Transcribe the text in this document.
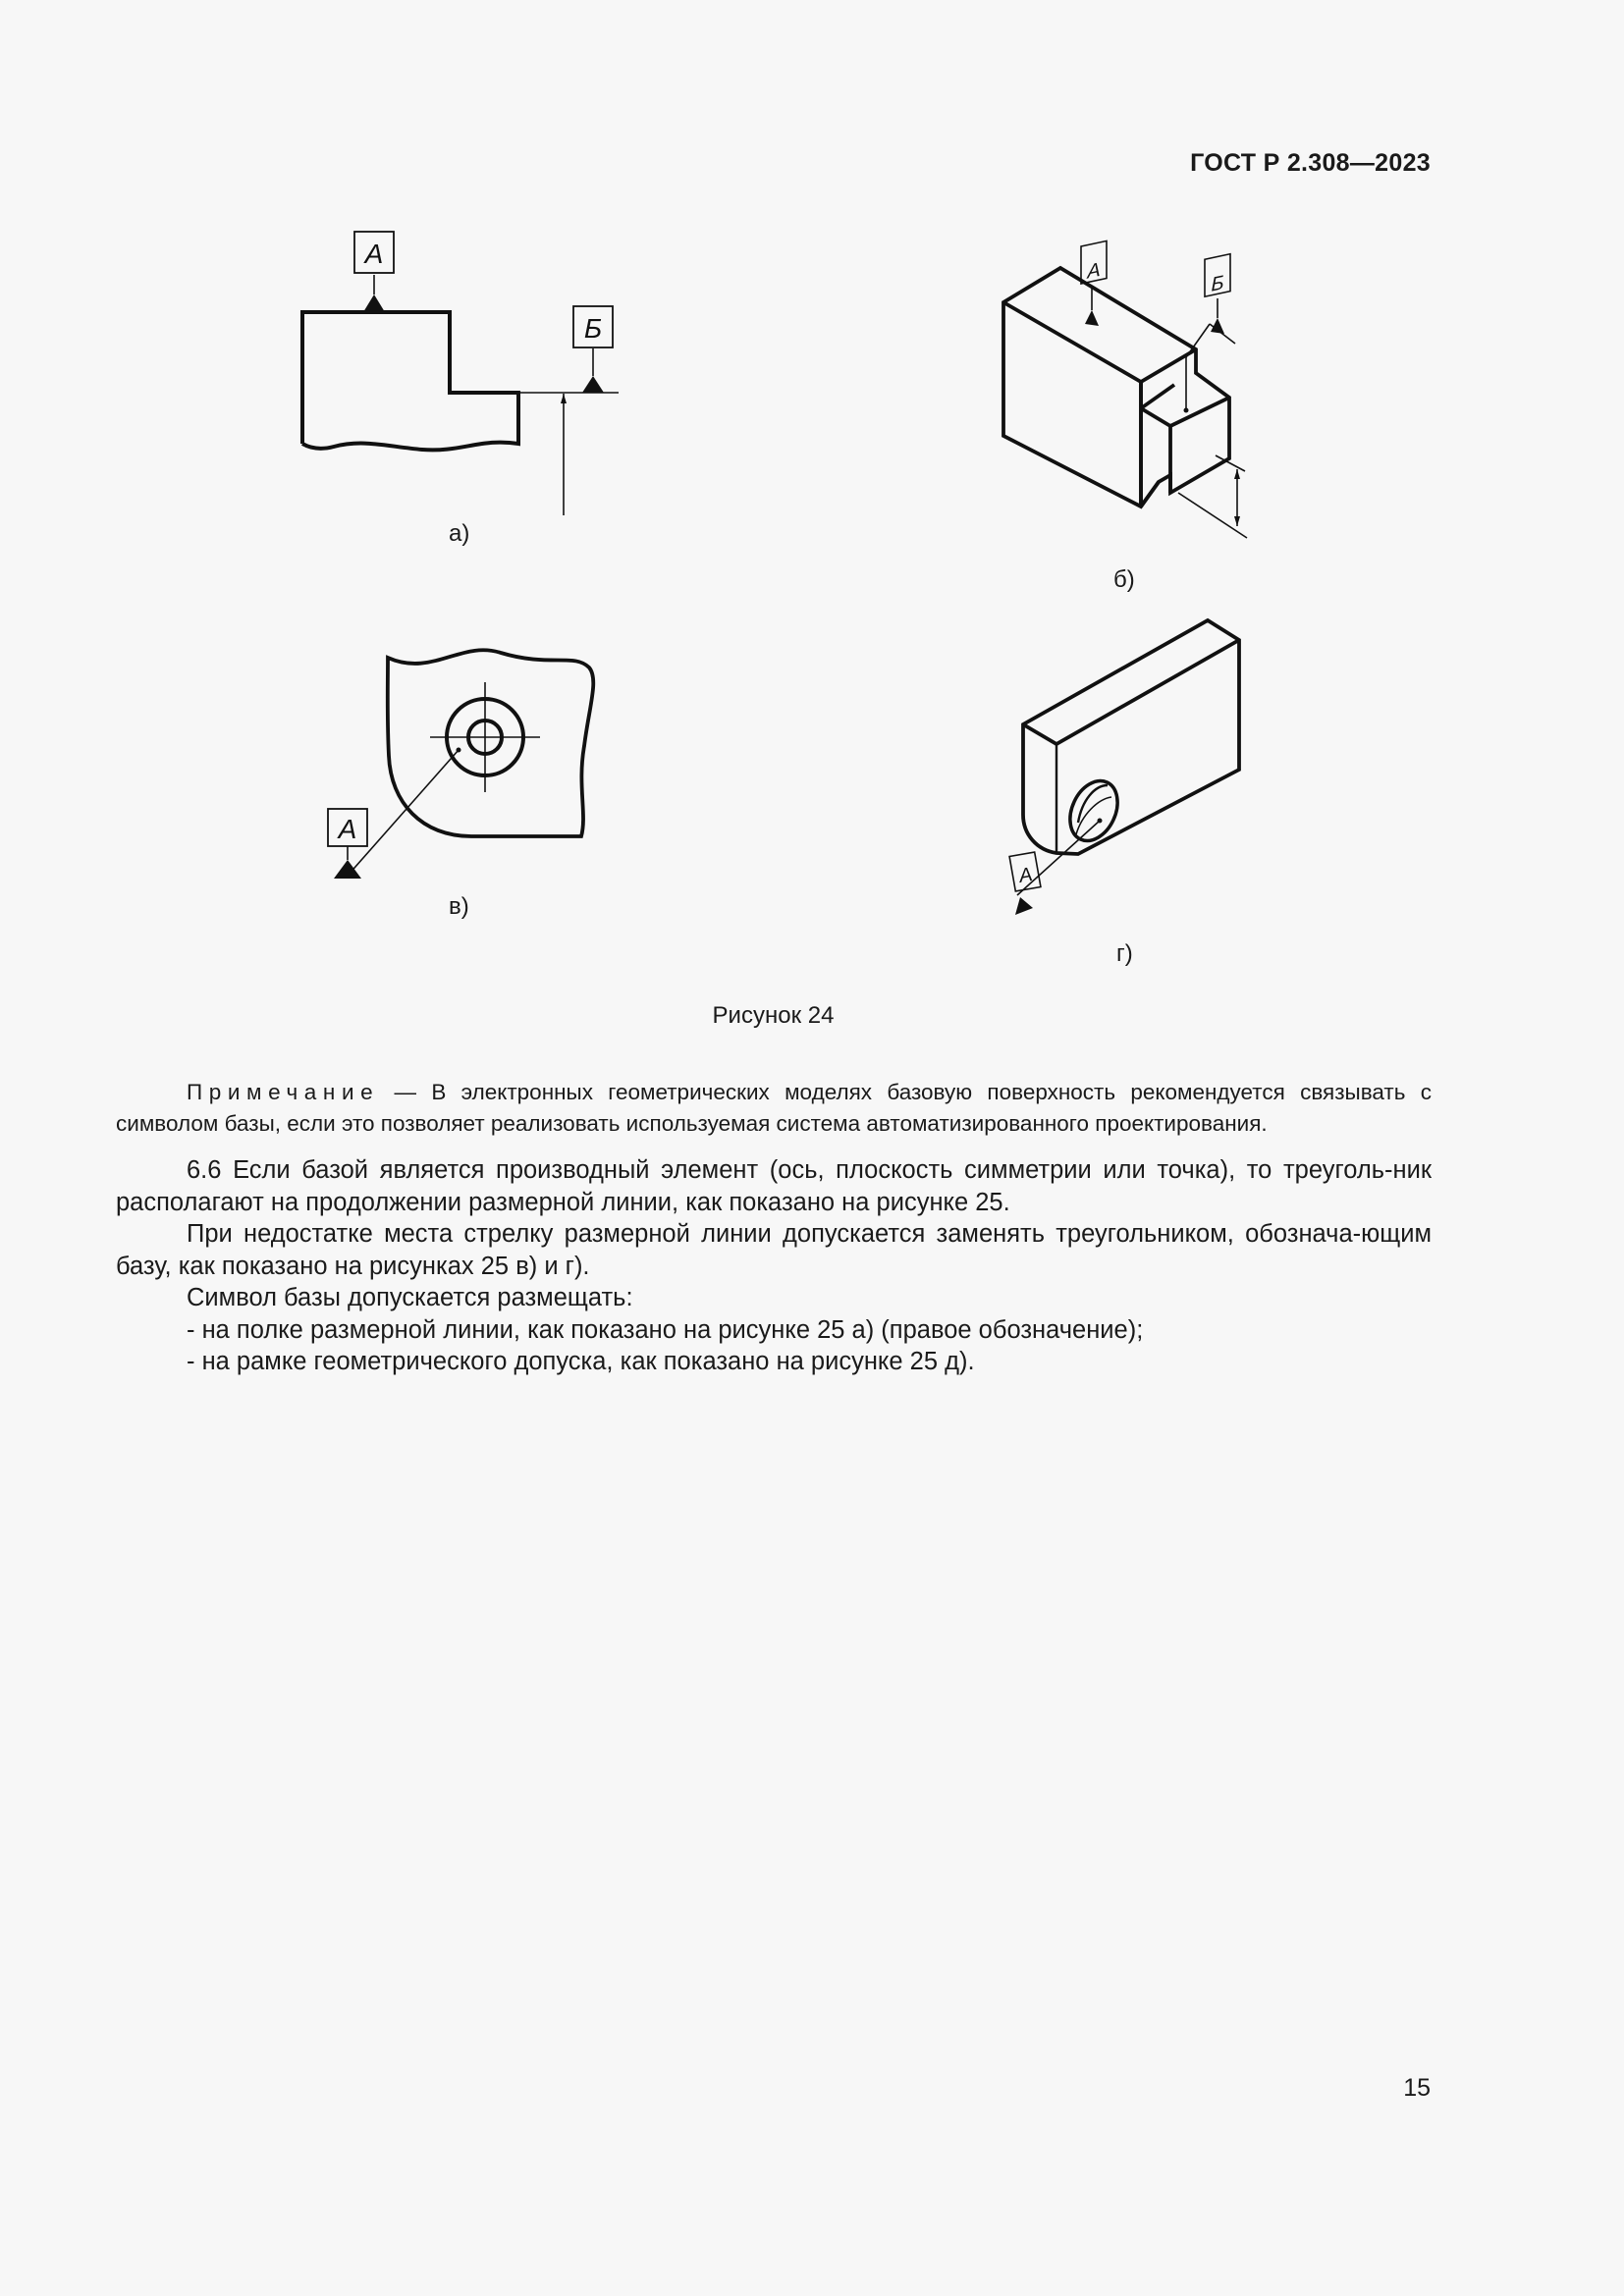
ГОСТ Р 2.308—2023
А
Б
А
Б
А
А
а)
б)
в)
г)
Рисунок 24
Примечание — В электронных геометрических моделях базовую поверхность рекомендуется связывать с символом базы, если это позволяет реализовать используемая система автоматизированного проектирования.

6.6 Если базой является производный элемент (ось, плоскость симметрии или точка), то треуголь-ник располагают на продолжении размерной линии, как показано на рисунке 25.

При недостатке места стрелку размерной линии допускается заменять треугольником, обознача-ющим базу, как показано на рисунках 25 в) и г).

Символ базы допускается размещать:

- на полке размерной линии, как показано на рисунке 25 а) (правое обозначение);

- на рамке геометрического допуска, как показано на рисунке 25 д).

15
